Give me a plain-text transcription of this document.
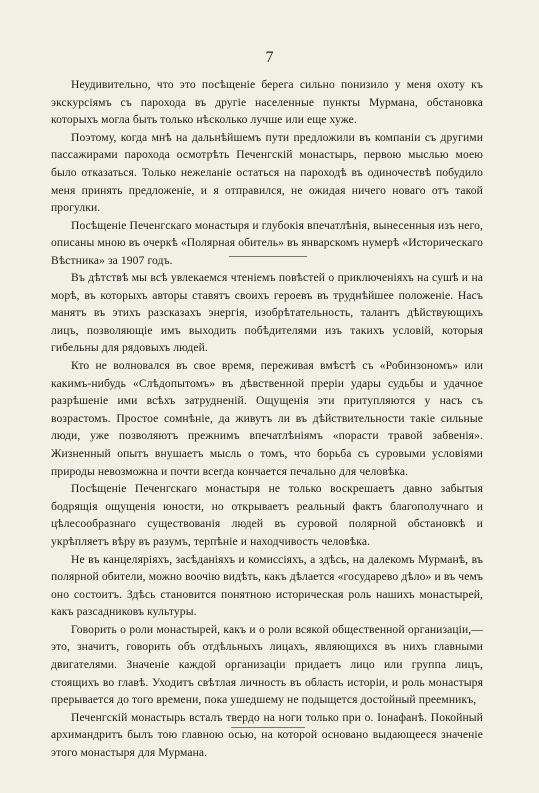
7

Неудивительно, что это посѣщеніе берега сильно понизило у меня охоту къ экскурсіямъ съ парохода въ другіе населенные пункты Мурмана, обстановка которыхъ могла быть только нѣсколько лучше или еще хуже.

Поэтому, когда мнѣ на дальнѣйшемъ пути предложили въ компаніи съ другими пассажирами парохода осмотрѣть Печенгскій монастырь, первою мыслью моею было отказаться. Только нежеланіе остаться на пароходѣ въ одиночествѣ побудило меня принять предложеніе, и я отправился, не ожидая ничего новаго отъ такой прогулки.

Посѣщеніе Печенгскаго монастыря и глубокія впечатлѣнія, вынесенныя изъ него, описаны мною въ очеркѣ «Полярная обитель» въ январскомъ нумерѣ «Историческаго Вѣстника» за 1907 годъ.

Въ дѣтствѣ мы всѣ увлекаемся чтеніемъ повѣстей о приключеніяхъ на сушѣ и на морѣ, въ которыхъ авторы ставятъ своихъ героевъ въ труднѣйшее положеніе. Насъ манятъ въ этихъ разсказахъ энергія, изобрѣтательность, талантъ дѣйствующихъ лицъ, позволяющіе имъ выходить побѣдителями изъ такихъ условій, которыя гибельны для рядовыхъ людей.

Кто не волновался въ свое время, переживая вмѣстѣ съ «Робинзономъ» или какимъ-нибудь «Слѣдопытомъ» въ дѣвственной преріи удары судьбы и удачное разрѣшеніе ими всѣхъ затрудненій. Ощущенія эти притупляются у насъ съ возрастомъ. Простое сомнѣніе, да живутъ ли въ дѣйствительности такіе сильные люди, уже позволяютъ прежнимъ впечатлѣніямъ «порасти травой забвенія». Жизненный опытъ внушаетъ мысль о томъ, что борьба съ суровыми условіями природы невозможна и почти всегда кончается печально для человѣка.

Посѣщеніе Печенгскаго монастыря не только воскрешаетъ давно забытыя бодрящія ощущенія юности, но открываетъ реальный фактъ благополучнаго и цѣлесообразнаго существованія людей въ суровой полярной обстановкѣ и укрѣпляетъ вѣру въ разумъ, терпѣніе и находчивость человѣка.

Не въ канцеляріяхъ, засѣданіяхъ и комиссіяхъ, а здѣсь, на далекомъ Мурманѣ, въ полярной обители, можно воочію видѣть, какъ дѣлается «государево дѣло» и въ чемъ оно состоитъ. Здѣсь становится понятною историческая роль нашихъ монастырей, какъ разсадниковъ культуры.

Говорить о роли монастырей, какъ и о роли всякой общественной организаціи,—это, значитъ, говорить объ отдѣльныхъ лицахъ, являющихся въ нихъ главными двигателями. Значеніе каждой организаціи придаетъ лицо или группа лицъ, стоящихъ во главѣ. Уходитъ свѣтлая личность въ область исторіи, и роль монастыря прерывается до того времени, пока ушедшему не подыщется достойный преемникъ,

Печенгскій монастырь всталъ твердо на ноги только при о. Іонафанѣ. Покойный архимандритъ былъ тою главною осью, на которой основано выдающееся значеніе этого монастыря для Мурмана.
